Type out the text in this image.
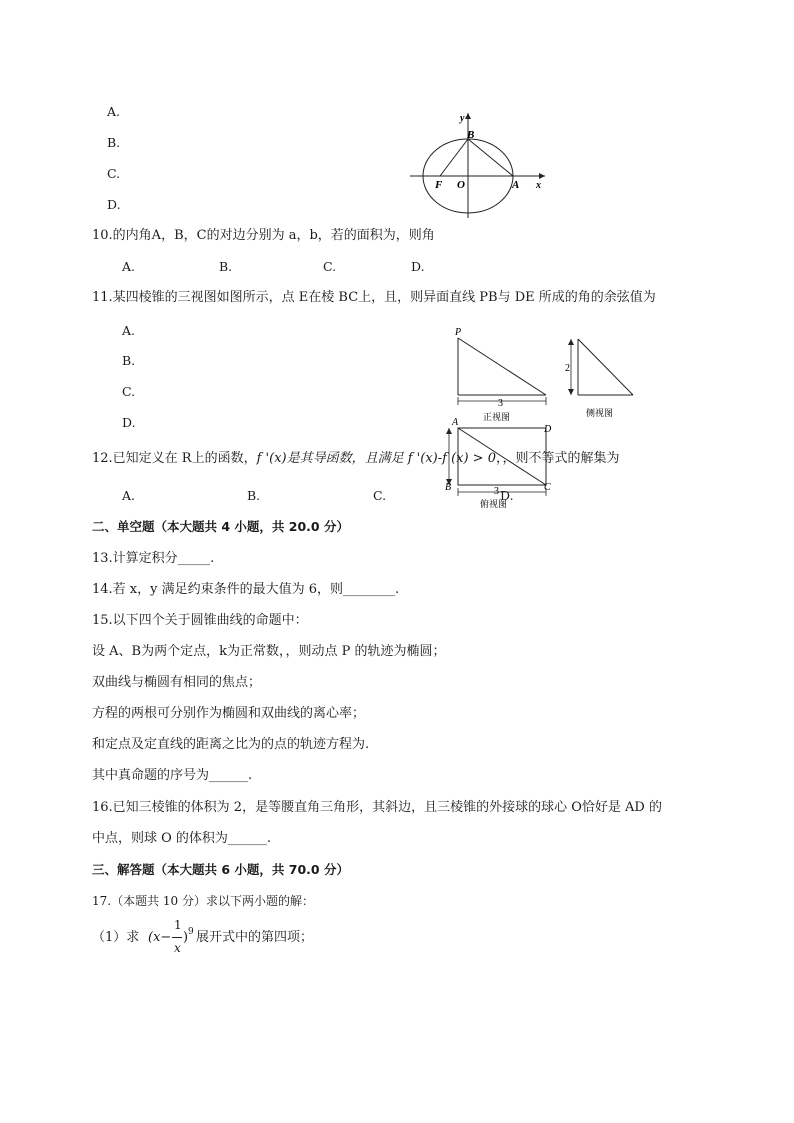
A.
B.
C.
D.
y
B
F O	A x
10.的内角A，B，C的对边分别为 a，b，若的面积为，则角
A.	B.	C.	D.
11.某四棱锥的三视图如图所示，点 E在棱 BC上，且，则异面直线 PB与 DE 所成的角的余弦值为
A.
B.
C.
D.
P
3
正视图
2
侧视图
A
D
B	C
3
俯视图
12.已知定义在 R上的函数，f '(x)是其导函数，且满足 f '(x)-f (x) > 0，，则不等式的解集为
A.	B.	C.	D.
二、单空题（本大题共 4 小题，共 20.0 分）
13.计算定积分_____.
14.若 x，y 满足约束条件的最大值为 6，则________.
15.以下四个关于圆锥曲线的命题中：
设 A、B为两个定点，k为正常数，，则动点 P 的轨迹为椭圆；
双曲线与椭圆有相同的焦点；
方程的两根可分别作为椭圆和双曲线的离心率；
和定点及定直线的距离之比为的点的轨迹方程为.
其中真命题的序号为______.
16.已知三棱锥的体积为 2，是等腰直角三角形，其斜边，且三棱锥的外接球的球心 O恰好是 AD 的
中点，则球 O 的体积为______.
三、解答题（本大题共 6 小题，共 70.0 分）
17.（本题共 10 分）求以下两小题的解：
（1）求 (x−
1
x
) 9 展开式中的第四项；
